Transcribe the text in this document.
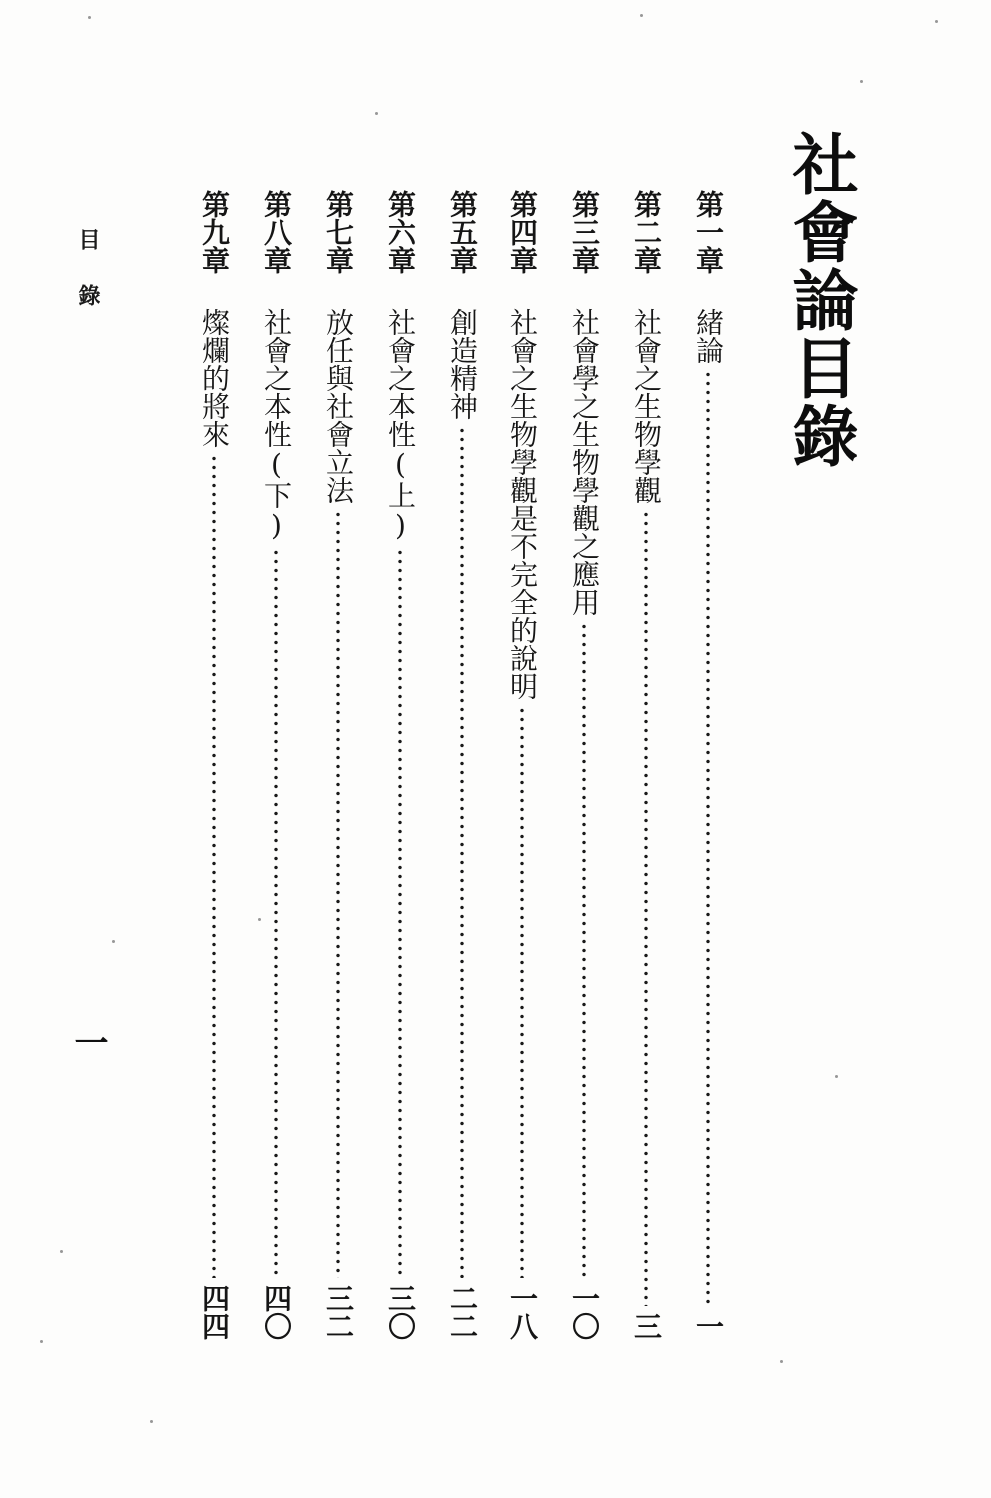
社會論目錄
第一章
緒論
一
第二章
社會之生物學觀
三
第三章
社會學之生物學觀之應用
一〇
第四章
社會之生物學觀是不完全的說明
一八
第五章
創造精神
二二
第六章
社會之本性(上)
三〇
第七章
放任與社會立法
三二
第八章
社會之本性(下)
四〇
第九章
燦爛的將來
四四
目錄
一
